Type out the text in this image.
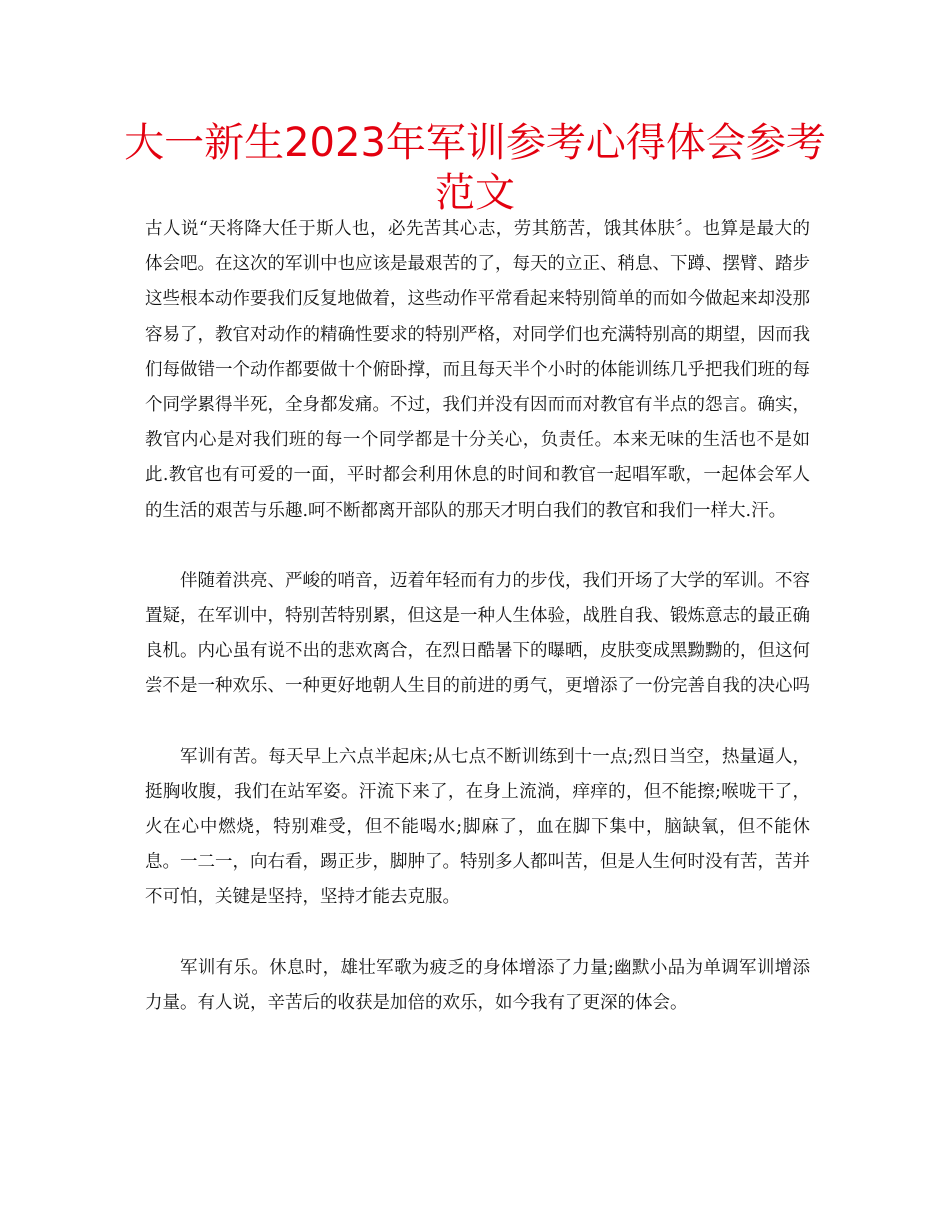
大一新生2023年军训参考心得体会参考范文

古人说“天将降大任于斯人也，必先苦其心志，劳其筋苦，饿其体肤〞。也算是最大的体会吧。在这次的军训中也应该是最艰苦的了，每天的立正、稍息、下蹲、摆臂、踏步这些根本动作要我们反复地做着，这些动作平常看起来特别简单的而如今做起来却没那容易了，教官对动作的精确性要求的特别严格，对同学们也充满特别高的期望，因而我们每做错一个动作都要做十个俯卧撑，而且每天半个小时的体能训练几乎把我们班的每个同学累得半死，全身都发痛。不过，我们并没有因而而对教官有半点的怨言。确实，教官内心是对我们班的每一个同学都是十分关心，负责任。本来无味的生活也不是如此.教官也有可爱的一面，平时都会利用休息的时间和教官一起唱军歌，一起体会军人的生活的艰苦与乐趣.呵不断都离开部队的那天才明白我们的教官和我们一样大.汗。

伴随着洪亮、严峻的哨音，迈着年轻而有力的步伐，我们开场了大学的军训。不容置疑，在军训中，特别苦特别累，但这是一种人生体验，战胜自我、锻炼意志的最正确良机。内心虽有说不出的悲欢离合，在烈日酷暑下的曝晒，皮肤变成黑黝黝的，但这何尝不是一种欢乐、一种更好地朝人生目的前进的勇气，更增添了一份完善自我的决心吗

军训有苦。每天早上六点半起床;从七点不断训练到十一点;烈日当空，热量逼人，挺胸收腹，我们在站军姿。汗流下来了，在身上流淌，痒痒的，但不能擦;喉咙干了，火在心中燃烧，特别难受，但不能喝水;脚麻了，血在脚下集中，脑缺氧，但不能休息。一二一，向右看，踢正步，脚肿了。特别多人都叫苦，但是人生何时没有苦，苦并不可怕，关键是坚持，坚持才能去克服。

军训有乐。休息时，雄壮军歌为疲乏的身体增添了力量;幽默小品为单调军训增添力量。有人说，辛苦后的收获是加倍的欢乐，如今我有了更深的体会。
